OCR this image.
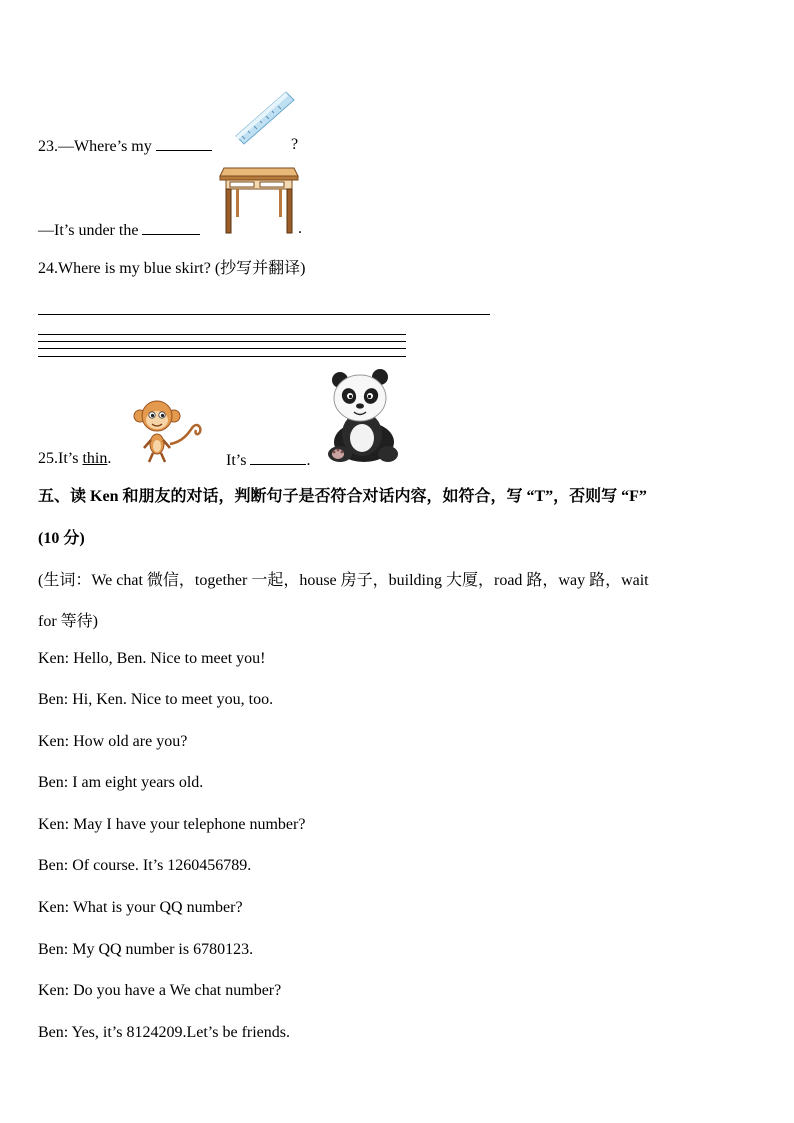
23.—Where’s my	?
—It’s under the	.
24.Where is my blue skirt? (抄写并翻译)
25.It’s thin.	It’s	.
五、读 Ken 和朋友的对话，判断句子是否符合对话内容，如符合，写 “T”，否则写 “F”
(10 分)
(生词：We chat 微信，together 一起，house 房子，building 大厦，road 路，way 路，wait
for 等待)
Ken: Hello, Ben. Nice to meet you!
Ben: Hi, Ken. Nice to meet you, too.
Ken: How old are you?
Ben: I am eight years old.
Ken: May I have your telephone number?
Ben: Of course. It’s 1260456789.
Ken: What is your QQ number?
Ben: My QQ number is 6780123.
Ken: Do you have a We chat number?
Ben: Yes, it’s 8124209.Let’s be friends.
